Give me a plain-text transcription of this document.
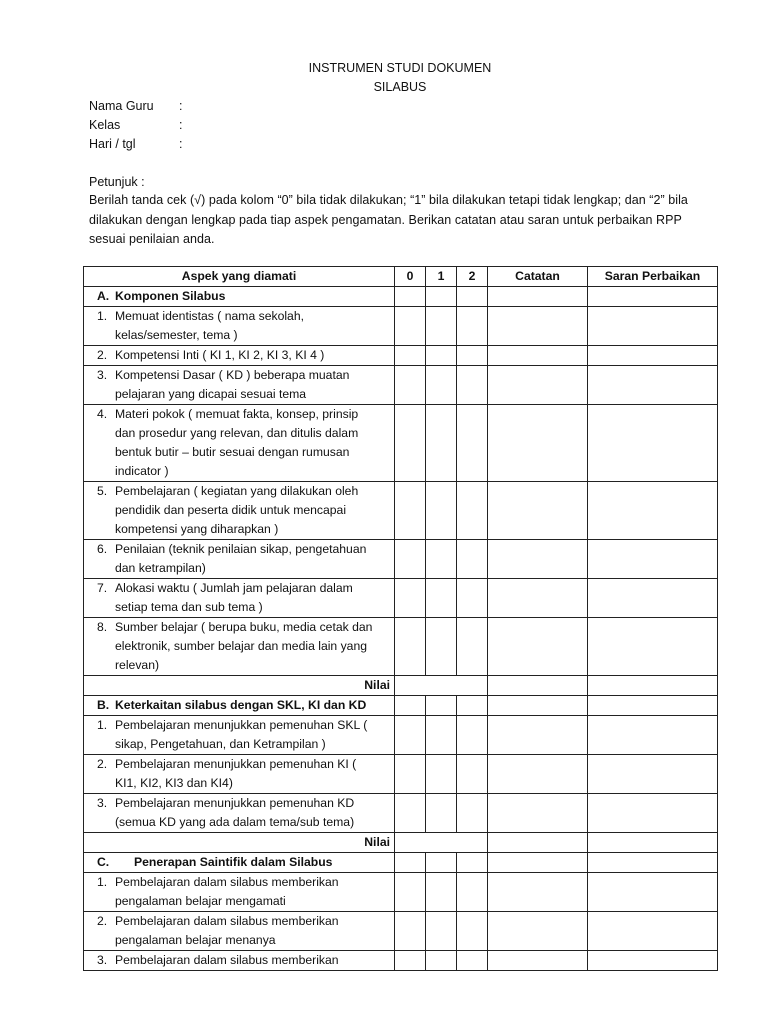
INSTRUMEN STUDI DOKUMEN
SILABUS
Nama Guru :
Kelas	:
Hari / tgl	:
Petunjuk :
Berilah tanda cek (√) pada kolom “0” bila tidak dilakukan; “1” bila dilakukan tetapi tidak lengkap; dan “2” bila
dilakukan dengan lengkap pada tiap aspek pengamatan. Berikan catatan atau saran untuk perbaikan RPP
sesuai penilaian anda.
Aspek yang diamati	0	1	2	Catatan	Saran Perbaikan
A. Komponen Silabus					

1. Memuat identistas ( nama sekolah,
kelas/semester, tema )					

2. Kompetensi Inti ( KI 1, KI 2, KI 3, KI 4 )					

3. Kompetensi Dasar ( KD ) beberapa muatan
pelajaran yang dicapai sesuai tema					

4. Materi pokok ( memuat fakta, konsep, prinsip
dan prosedur yang relevan, dan ditulis dalam
bentuk butir – butir sesuai dengan rumusan
indicator )					

5. Pembelajaran ( kegiatan yang dilakukan oleh
pendidik dan peserta didik untuk mencapai
kompetensi yang diharapkan )					

6. Penilaian (teknik penilaian sikap, pengetahuan
dan ketrampilan)					

7. Alokasi waktu ( Jumlah jam pelajaran dalam
setiap tema dan sub tema )					

8. Sumber belajar ( berupa buku, media cetak dan
elektronik, sumber belajar dan media lain yang
relevan)					

Nilai					
B. Keterkaitan silabus dengan SKL, KI dan KD					

1. Pembelajaran menunjukkan pemenuhan SKL (
sikap, Pengetahuan, dan Ketrampilan )					

2. Pembelajaran menunjukkan pemenuhan KI (
KI1, KI2, KI3 dan KI4)					

3. Pembelajaran menunjukkan pemenuhan KD
(semua KD yang ada dalam tema/sub tema)					

Nilai					
C. Penerapan Saintifik dalam Silabus					

1. Pembelajaran dalam silabus memberikan
pengalaman belajar mengamati					

2. Pembelajaran dalam silabus memberikan
pengalaman belajar menanya					

3. Pembelajaran dalam silabus memberikan					
